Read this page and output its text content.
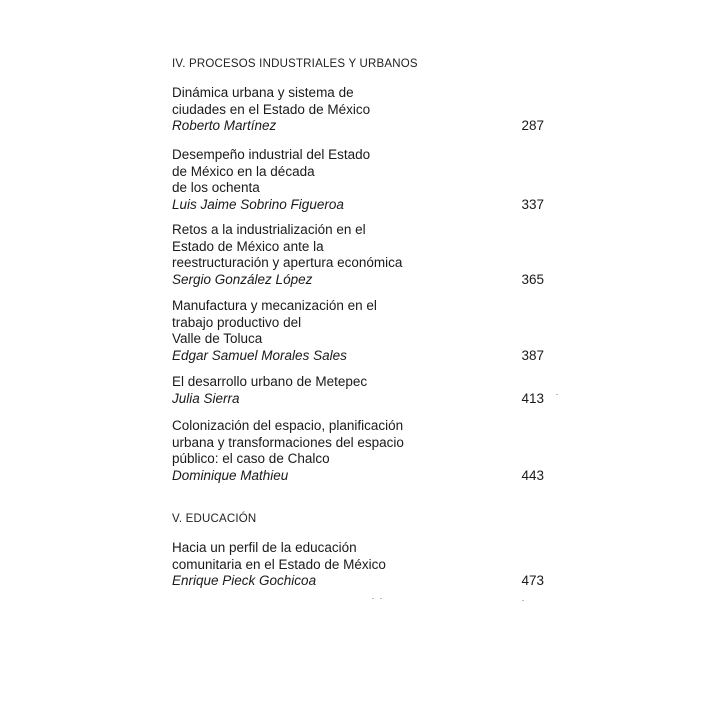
IV. PROCESOS INDUSTRIALES Y URBANOS
Dinámica urbana y sistema de
ciudades en el Estado de México
Roberto Martínez	287
Desempeño industrial del Estado
de México en la década
de los ochenta
Luis Jaime Sobrino Figueroa	337
Retos a la industrialización en el
Estado de México ante la
reestructuración y apertura económica
Sergio González López	365
Manufactura y mecanización en el
trabajo productivo del
Valle de Toluca
Edgar Samuel Morales Sales	387
El desarrollo urbano de Metepec
Julia Sierra	413
Colonización del espacio, planificación
urbana y transformaciones del espacio
público: el caso de Chalco
Dominique Mathieu	443
V. EDUCACIÓN
Hacia un perfil de la educación
comunitaria en el Estado de México
Enrique Pieck Gochicoa	473
